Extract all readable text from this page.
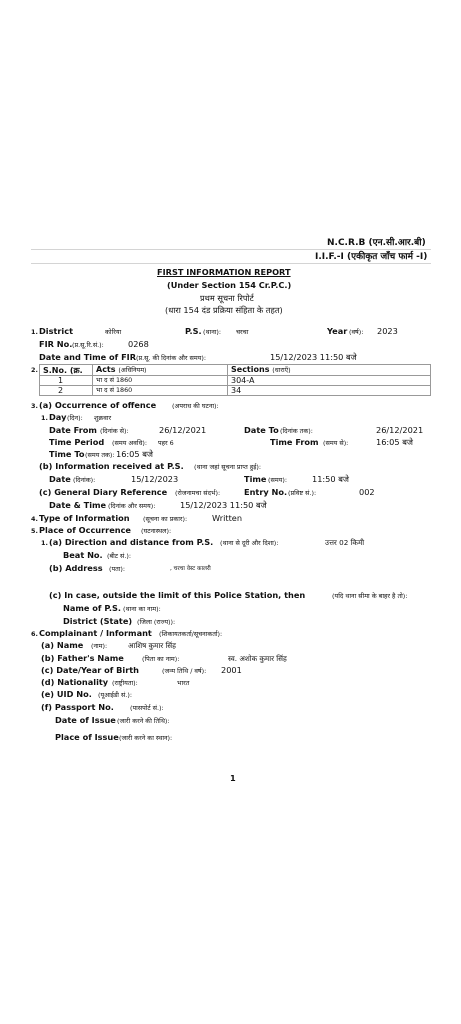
N.C.R.B (एन.सी.आर.बी)
I.I.F.-I (एकीकृत जाँच फार्म -I)
FIRST INFORMATION REPORT
(Under Section 154 Cr.P.C.)
प्रथम सूचना रिपोर्ट
(धारा 154 दंड प्रक्रिया संहिता के तहत)
1. District	कोरिया	P.S. (थाना): चरचा	Year (वर्ष): 2023
FIR No. (प्र.सू.रि.सं.):	0268
Date and Time of FIR (प्र.सू. की दिनांक और समय):	15/12/2023 11:50 बजे
2. S.No. (क्र.	Acts (अधिनियम)	Sections (धाराएँ)
1	भा द सं 1860	304-A
2	भा द सं 1860	34
3. (a) Occurrence of offence (अपराध की घटना):
1. Day (दिन): शुक्रवार
Date From (दिनांक से):	26/12/2021	Date To (दिनांक तक):	26/12/2021
Time Period (समय अवधि): पहर 6	Time From (समय से):	16:05 बजे
Time To (समय तक): 16:05 बजे
(b) Information received at P.S. (थाना जहां सूचना प्राप्त हुई):
Date (दिनांक):	15/12/2023	Time (समय):	11:50 बजे
(c) General Diary Reference (रोजनामचा संदर्भ):	Entry No. (प्रविष्ट सं.):	002
Date & Time (दिनांक और समय):	15/12/2023 11:50 बजे
4. Type of Information (सूचना का प्रकार):	Written
5. Place of Occurrence (घटनास्थल):
1. (a) Direction and distance from P.S. (थाना से दूरी और दिशा):	उत्तर 02 किमी
Beat No. (बीट सं.):
(b) Address (पता):	, चरचा वेस्ट कालरी
(c) In case, outside the limit of this Police Station, then	(यदि थाना सीमा के बाहर है तो):
Name of P.S. (थाना का नाम):
District (State) (जिला (राज्य)):
6. Complainant / Informant (शिकायतकर्ता/सूचनाकर्ता):
(a) Name (नाम):	आशिष कुमार सिंह
(b) Father's Name	(पिता का नाम):	स्व. अशोक कुमार सिंह
(c) Date/Year of Birth	(जन्म तिथि / वर्ष): 2001
(d) Nationality (राष्ट्रीयता):	भारत
(e) UID No. (यूआईडी सं.):
(f) Passport No.	(पासपोर्ट सं.):
Date of Issue (जारी करने की तिथि):
Place of Issue (जारी करने का स्थान):
1
